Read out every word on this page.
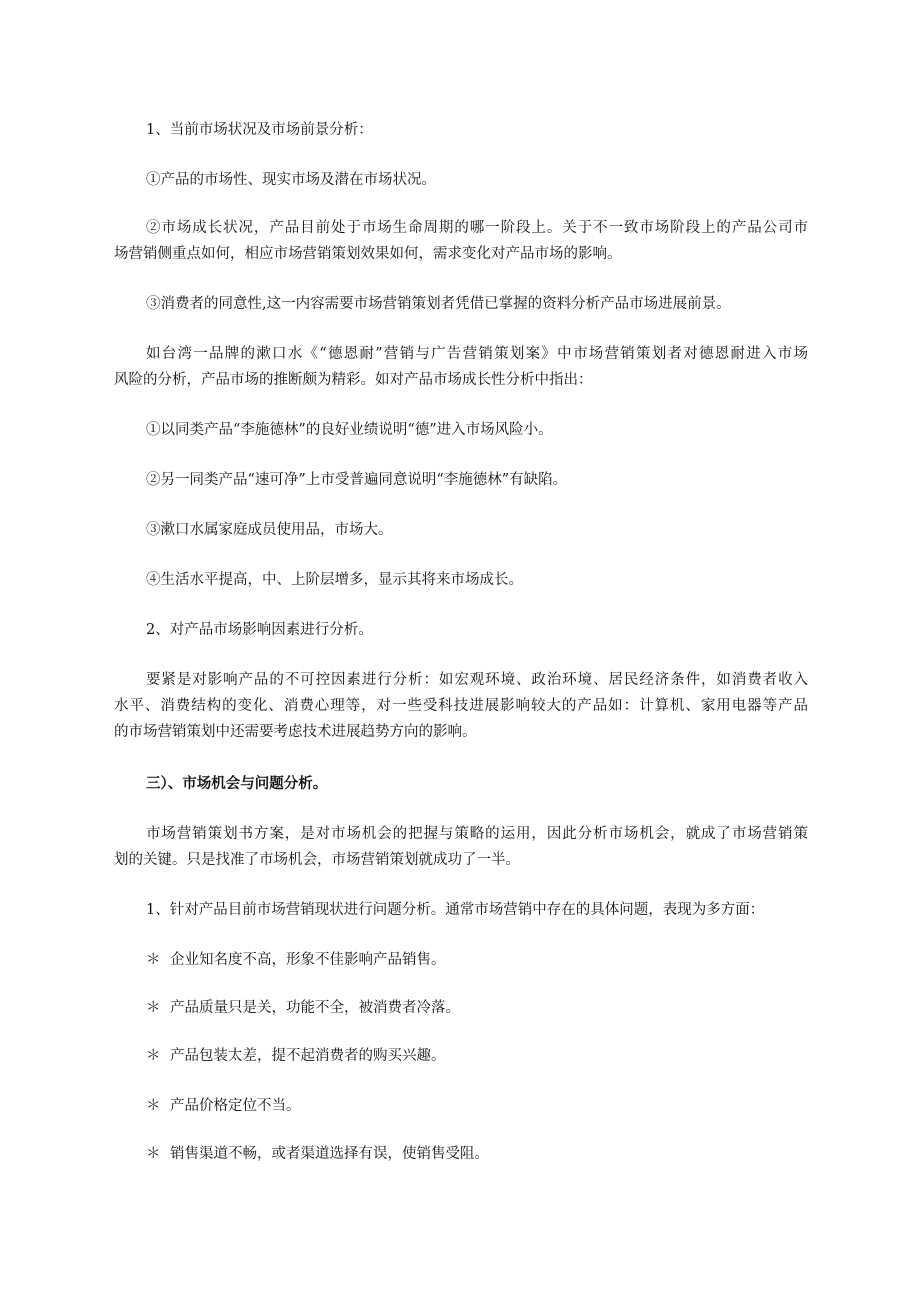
1、当前市场状况及市场前景分析：

①产品的市场性、现实市场及潜在市场状况。

②市场成长状况，产品目前处于市场生命周期的哪一阶段上。关于不一致市场阶段上的产品公司市

场营销侧重点如何，相应市场营销策划效果如何，需求变化对产品市场的影响。

③消费者的同意性,这一内容需要市场营销策划者凭借已掌握的资料分析产品市场进展前景。

如台湾一品牌的漱口水《“德恩耐”营销与广告营销策划案》中市场营销策划者对德恩耐进入市场

风险的分析，产品市场的推断颇为精彩。如对产品市场成长性分析中指出：

①以同类产品“李施德林”的良好业绩说明“德”进入市场风险小。

②另一同类产品“速可净”上市受普遍同意说明“李施德林”有缺陷。

③漱口水属家庭成员使用品，市场大。

④生活水平提高，中、上阶层增多，显示其将来市场成长。

2、对产品市场影响因素进行分析。

要紧是对影响产品的不可控因素进行分析：如宏观环境、政治环境、居民经济条件，如消费者收入

水平、消费结构的变化、消费心理等，对一些受科技进展影响较大的产品如：计算机、家用电器等产品

的市场营销策划中还需要考虑技术进展趋势方向的影响。

三）、市场机会与问题分析。

市场营销策划书方案，是对市场机会的把握与策略的运用，因此分析市场机会，就成了市场营销策

划的关键。只是找准了市场机会，市场营销策划就成功了一半。

1、针对产品目前市场营销现状进行问题分析。通常市场营销中存在的具体问题，表现为多方面：

＊ 企业知名度不高，形象不佳影响产品销售。

＊ 产品质量只是关，功能不全，被消费者冷落。

＊ 产品包装太差，提不起消费者的购买兴趣。

＊ 产品价格定位不当。

＊ 销售渠道不畅，或者渠道选择有误，使销售受阻。
